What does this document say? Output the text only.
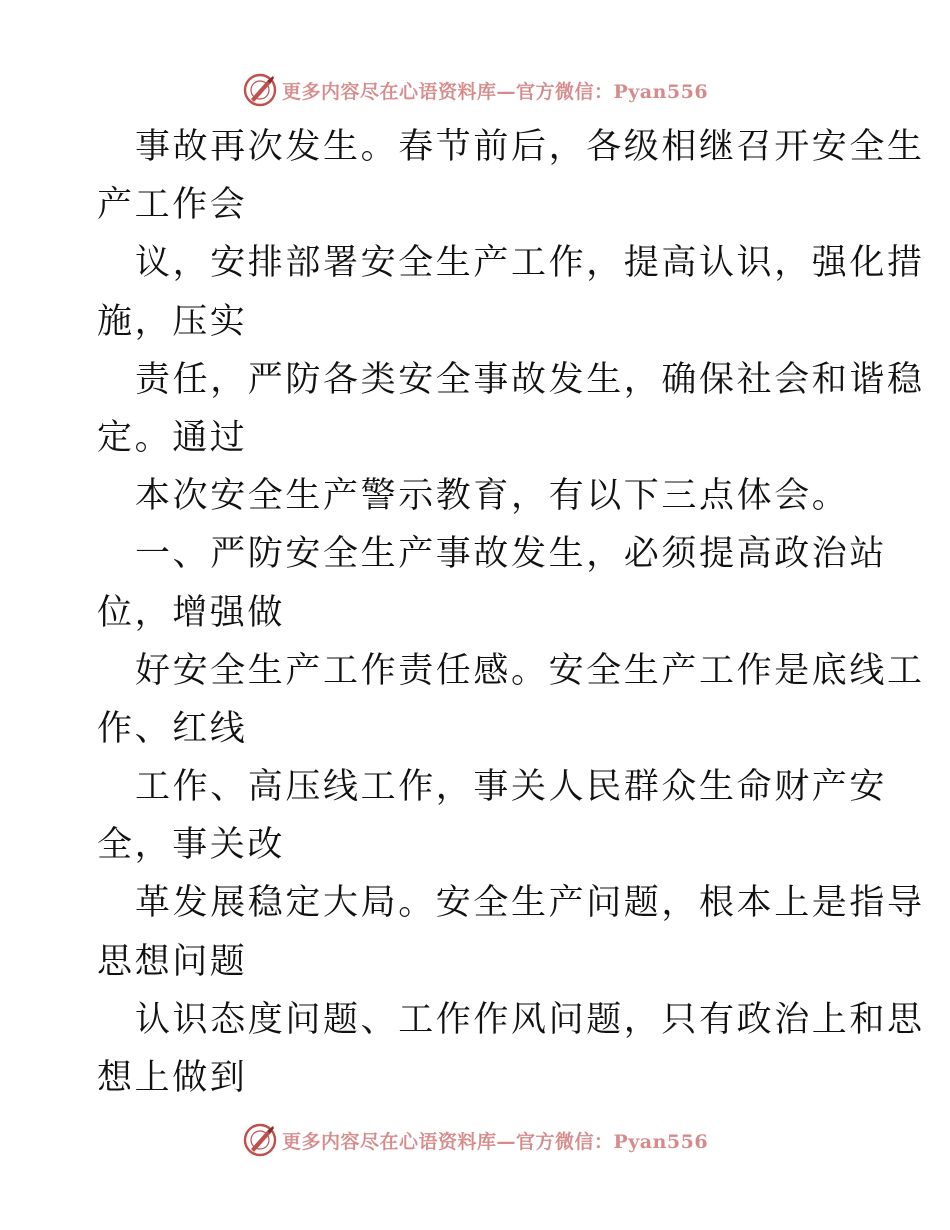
更多内容尽在心语资料库—官方微信：Pyan556
事故再次发生。春节前后，各级相继召开安全生
产工作会
议，安排部署安全生产工作，提高认识，强化措
施，压实
责任，严防各类安全事故发生，确保社会和谐稳
定。通过
本次安全生产警示教育，有以下三点体会。
一、严防安全生产事故发生，必须提高政治站
位，增强做
好安全生产工作责任感。安全生产工作是底线工
作、红线
工作、高压线工作，事关人民群众生命财产安
全，事关改
革发展稳定大局。安全生产问题，根本上是指导
思想问题
认识态度问题、工作作风问题，只有政治上和思
想上做到
更多内容尽在心语资料库—官方微信：Pyan556
